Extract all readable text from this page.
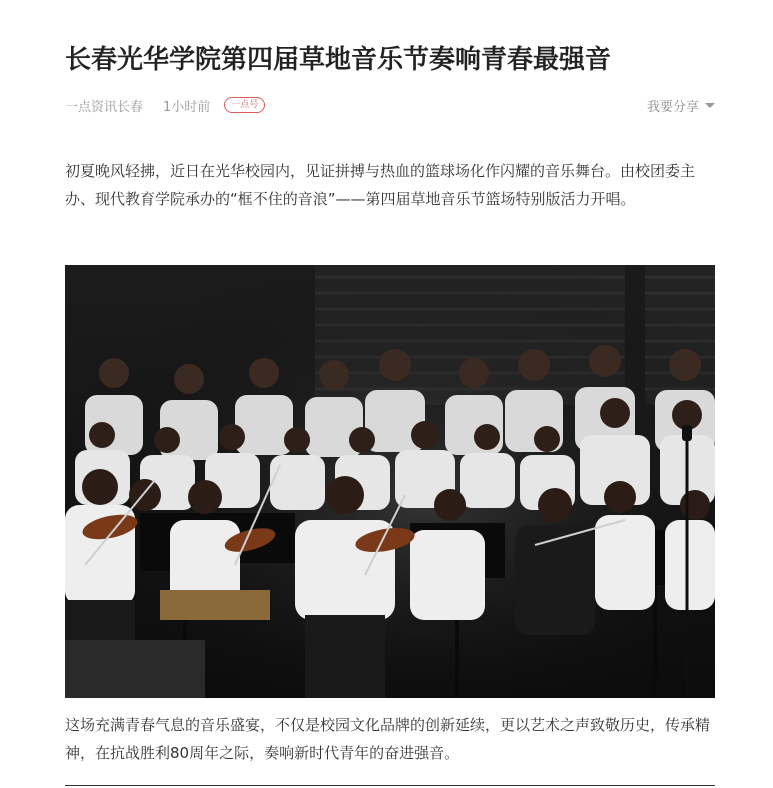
长春光华学院第四届草地音乐节奏响青春最强音
一点资讯长春 1小时前	一点号	我要分享

初夏晚风轻拂，近日在光华校园内，见证拼搏与热血的篮球场化作闪耀的音乐舞台。由校团委主办、现代教育学院承办的“框不住的音浪”——第四届草地音乐节篮场特别版活力开唱。

这场充满青春气息的音乐盛宴，不仅是校园文化品牌的创新延续，更以艺术之声致敬历史，传承精神，在抗战胜利80周年之际，奏响新时代青年的奋进强音。
